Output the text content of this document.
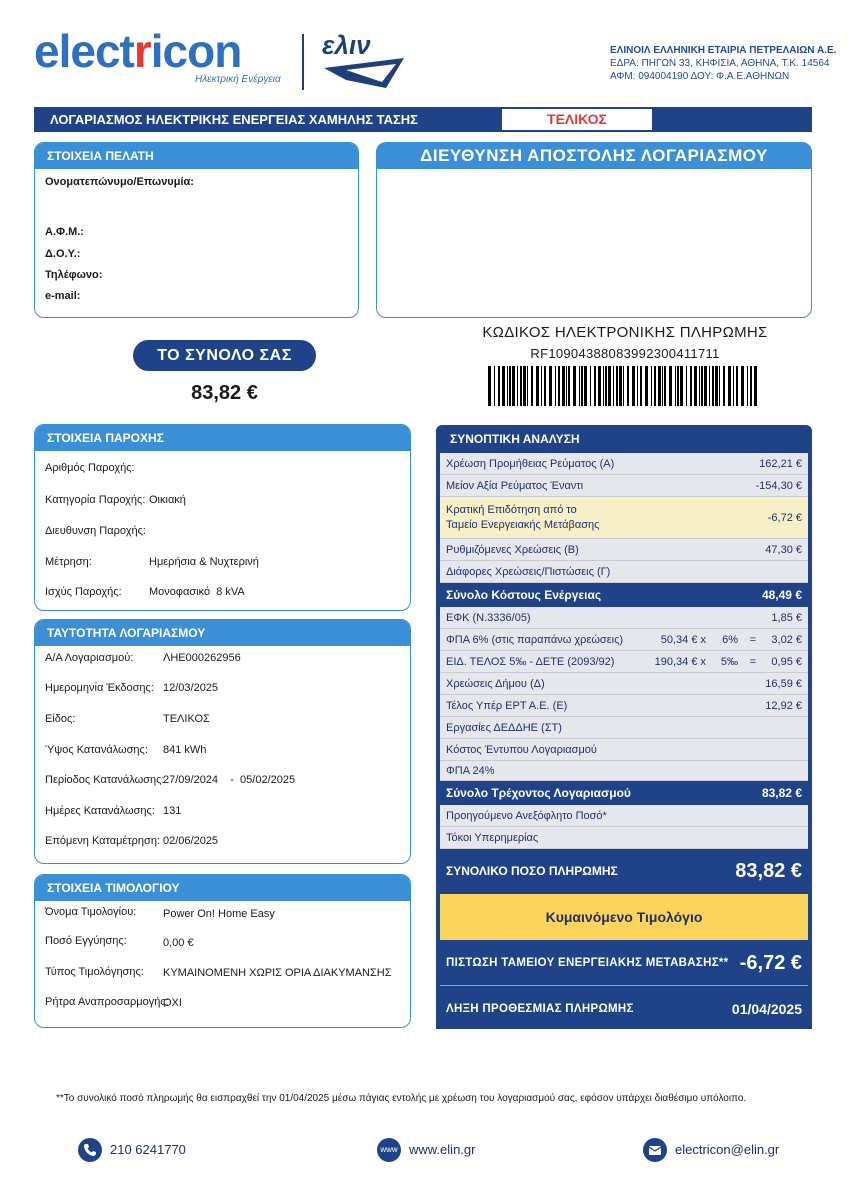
electricon
Ηλεκτρική Ενέργεια
ελιν	ΕΛΙΝΟΙΛ ΕΛΛΗΝΙΚΗ ΕΤΑΙΡΙΑ ΠΕΤΡΕΛΑΙΩΝ Α.Ε.
ΕΔΡΑ: ΠΗΓΩΝ 33, ΚΗΦΙΣΙΑ, ΑΘΗΝΑ, Τ.Κ. 14564
ΑΦΜ: 094004190 ΔΟΥ: Φ.Α.Ε.ΑΘΗΝΩΝ
ΛΟΓΑΡΙΑΣΜΟΣ ΗΛΕΚΤΡΙΚΗΣ ΕΝΕΡΓΕΙΑΣ ΧΑΜΗΛΗΣ ΤΑΣΗΣ	ΤΕΛΙΚΟΣ
ΣΤΟΙΧΕΙΑ ΠΕΛΑΤΗ
Ονοματεπώνυμο/Επωνυμία:
Α.Φ.Μ.:
Δ.Ο.Υ.:
Τηλέφωνο:
e-mail:
ΔΙΕΥΘΥΝΣΗ ΑΠΟΣΤΟΛΗΣ ΛΟΓΑΡΙΑΣΜΟΥ
ΤΟ ΣΥΝΟΛΟ ΣΑΣ
83,82 €
ΚΩΔΙΚΟΣ ΗΛΕΚΤΡΟΝΙΚΗΣ ΠΛΗΡΩΜΗΣ
RF10904388083992300411711
ΣΤΟΙΧΕΙΑ ΠΑΡΟΧΗΣ
Αριθμός Παροχής:
Κατηγορία Παροχής: Οικιακή
Διευθυνση Παροχής:
Μέτρηση:	Ημερήσια & Νυχτερινή
Ισχύς Παροχής: Μονοφασικό  8 kVA
ΤΑΥΤΟΤΗΤΑ ΛΟΓΑΡΙΑΣΜΟΥ
Α/Α Λογαριασμού:	ΛΗΕ000262956
Ημερομηνία Έκδοσης: 12/03/2025
Είδος:	ΤΕΛΙΚΟΣ
Ύψος Κατανάλωσης: 841 kWh
Περίοδος Κατανάλωσης:
27/09/2024    -  05/02/2025
Ημέρες Κατανάλωσης: 131
Επόμενη Καταμέτρηση: 02/06/2025
ΣΤΟΙΧΕΙΑ ΤΙΜΟΛΟΓΙΟΥ
Όνομα Τιμολογίου: Power On! Home Easy
Ποσό Εγγύησης:	0,00 €
Τύπος Τιμολόγησης: ΚΥΜΑΙΝΟΜΕΝΗ ΧΩΡΙΣ ΟΡΙΑ ΔΙΑΚΥΜΑΝΣΗΣ
Ρήτρα Αναπροσαρμογής:
ΟΧΙ
ΣΥΝΟΠΤΙΚΗ ΑΝΑΛΥΣΗ
Χρέωση Προμήθειας Ρεύματος (Α)	162,21 €
Μείον Αξία Ρεύματος Έναντι	-154,30 €
Κρατική Επιδότηση από το
Ταμείο Ενεργειακής Μετάβασης
-6,72 €
Ρυθμιζόμενες Χρεώσεις (Β)	47,30 €
Διάφορες Χρεώσεις/Πιστώσεις (Γ)
Σύνολο Κόστους Ενέργειας	48,49 €
ΕΦΚ (Ν.3336/05)	1,85 €
ΦΠΑ 6% (στις παραπάνω χρεώσεις)	50,34 € x	6%	=	3,02 €
ΕΙΔ. ΤΕΛΟΣ 5‰ - ΔΕΤΕ (2093/92)	190,34 € x	5‰	=	0,95 €
Χρεώσεις Δήμου (Δ)	16,59 €
Τέλος Υπέρ ΕΡΤ Α.Ε. (Ε)	12,92 €
Εργασίες ΔΕΔΔΗΕ (ΣΤ)
Κόστος Έντυπου Λογαριασμού
ΦΠΑ 24%
Σύνολο Τρέχοντος Λογαριασμού	83,82 €
Προηγούμενο Ανεξόφλητο Ποσό*
Τόκοι Υπερημερίας
ΣΥΝΟΛΙΚΟ ΠΟΣΟ ΠΛΗΡΩΜΗΣ	83,82 €
Κυμαινόμενο Τιμολόγιο
ΠΙΣΤΩΣΗ ΤΑΜΕΙΟΥ ΕΝΕΡΓΕΙΑΚΗΣ ΜΕΤΑΒΑΣΗΣ** -6,72 €
ΛΗΞΗ ΠΡΟΘΕΣΜΙΑΣ ΠΛΗΡΩΜΗΣ	01/04/2025
**Το συνολικό ποσό πληρωμής θα εισπραχθεί την 01/04/2025 μέσω πάγιας εντολής με χρέωση του λογαριασμού σας, εφόσον υπάρχει διαθέσιμο υπόλοιπο.
210 6241770	www www.elin.gr	electricon@elin.gr
